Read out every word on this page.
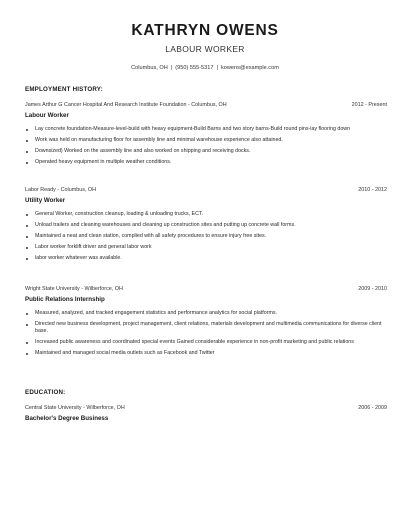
KATHRYN OWENS
LABOUR WORKER
Columbus, OH | (950) 555-5317 | kowens@example.com
EMPLOYMENT HISTORY:
James Arthur G Cancer Hospital And Research Institute Foundation - Columbus, OH	2012 - Present
Labour Worker
Lay concrete foundation-Measure-level-build with heavy equipment-Build Barns and two story barns-Build round pins-lay flooring down
Work was held on manufacturing floor for assembly line and minimal warehouse experience also attained.
Downsized) Worked on the assembly line and also worked on shipping and receiving docks.
Operated heavy equipment in multiple weather conditions.
Labor Ready - Columbus, OH	2010 - 2012
Utility Worker
General Worker, construction cleanup, loading & unloading trucks, ECT.
Unload trailers and cleaning warehouses and cleaning up construction sites and putting up concrete wall forms.
Maintained a neat and clean station, complied with all safety procedures to ensure injury free sites.
Labor worker forklift driver and general labor work
labor worker whatever was available.
Wright State University - Wilberforce, OH	2009 - 2010
Public Relations Internship
Measured, analyzed, and tracked engagement statistics and performance analytics for social platforms.
Directed new business development, project management, client relations, materials development and multimedia communications for diverse client base.
Increased public awareness and coordinated special events Gained considerable experience in non-profit marketing and public relations
Maintained and managed social media outlets such as Facebook and Twitter
EDUCATION:
Central State University - Wilberforce, OH	2006 - 2009
Bachelor's Degree Business
